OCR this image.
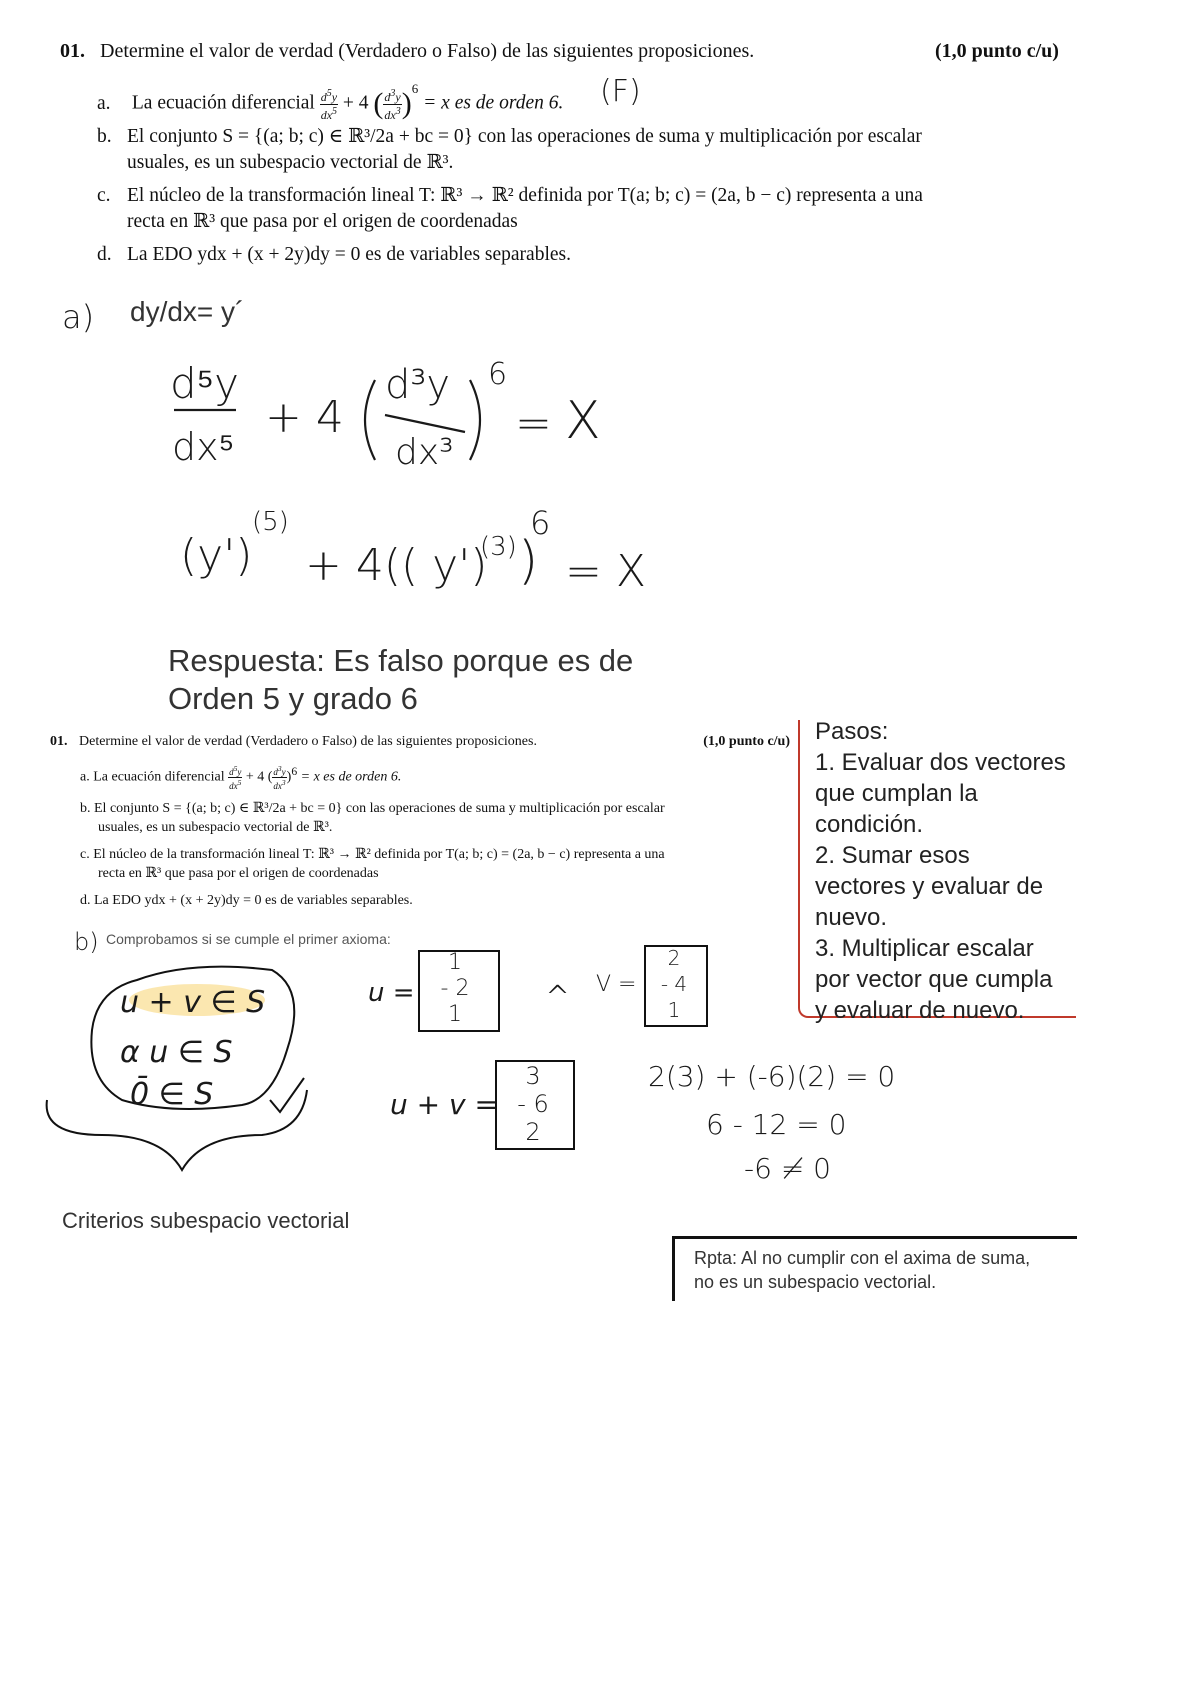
01. Determine el valor de verdad (Verdadero o Falso) de las siguientes proposiciones.	(1,0 punto c/u)
a. La ecuación diferencial $\frac{d^5y}{dx^5} + 4$ ( $\frac{d^3y}{dx^3} )^6 = x$ es de orden 6.	(F)
b. El conjunto S = {(a; b; c) ∈ ℝ³/2a + bc = 0} con las operaciones de suma y multiplicación por escalar
usuales, es un subespacio vectorial de ℝ³.
c. El núcleo de la transformación lineal T: ℝ³ → ℝ² definida por T(a; b; c) = (2a, b − c) representa a una
recta en ℝ³ que pasa por el origen de coordenadas
d. La EDO ydx + (x + 2y)dy = 0 es de variables separables.
a) dy/dx= y´
d⁵y
dx⁵
+ 4
d³y
dx³
6
= X
(y')
(5)
+ 4(( y')
(3) )
6
= X
Respuesta: Es falso porque es de
Orden 5 y grado 6
01. Determine el valor de verdad (Verdadero o Falso) de las siguientes proposiciones.	(1,0 punto c/u)
a. La ecuación diferencial $\frac{d^5y}{dx^5} + 4$ ( $\frac{d^3y}{dx^3} )^6 = x$ es de orden 6.
b. El conjunto S = {(a; b; c) ∈ ℝ³/2a + bc = 0} con las operaciones de suma y multiplicación por escalar
usuales, es un subespacio vectorial de ℝ³.
c. El núcleo de la transformación lineal T: ℝ³ → ℝ² definida por T(a; b; c) = (2a, b − c) representa a una
recta en ℝ³ que pasa por el origen de coordenadas
d. La EDO ydx + (x + 2y)dy = 0 es de variables separables.
Pasos:
1. Evaluar dos vectores
que cumplan la
condición.
2. Sumar esos
vectores y evaluar de
nuevo.
3. Multiplicar escalar
por vector que cumpla
y evaluar de nuevo.
b) Comprobamos si se cumple el primer axioma:
u + v ∈ S
α u ∈ S
0̄ ∈ S
Criterios subespacio vectorial
u =
1
- 2
1	^ V =
2
- 4
1
u + v =
3
- 6
2
2(3) + (-6)(2) = 0
6 - 12 = 0
-6 ≠ 0
Rpta: Al no cumplir con el axima de suma,
no es un subespacio vectorial.
